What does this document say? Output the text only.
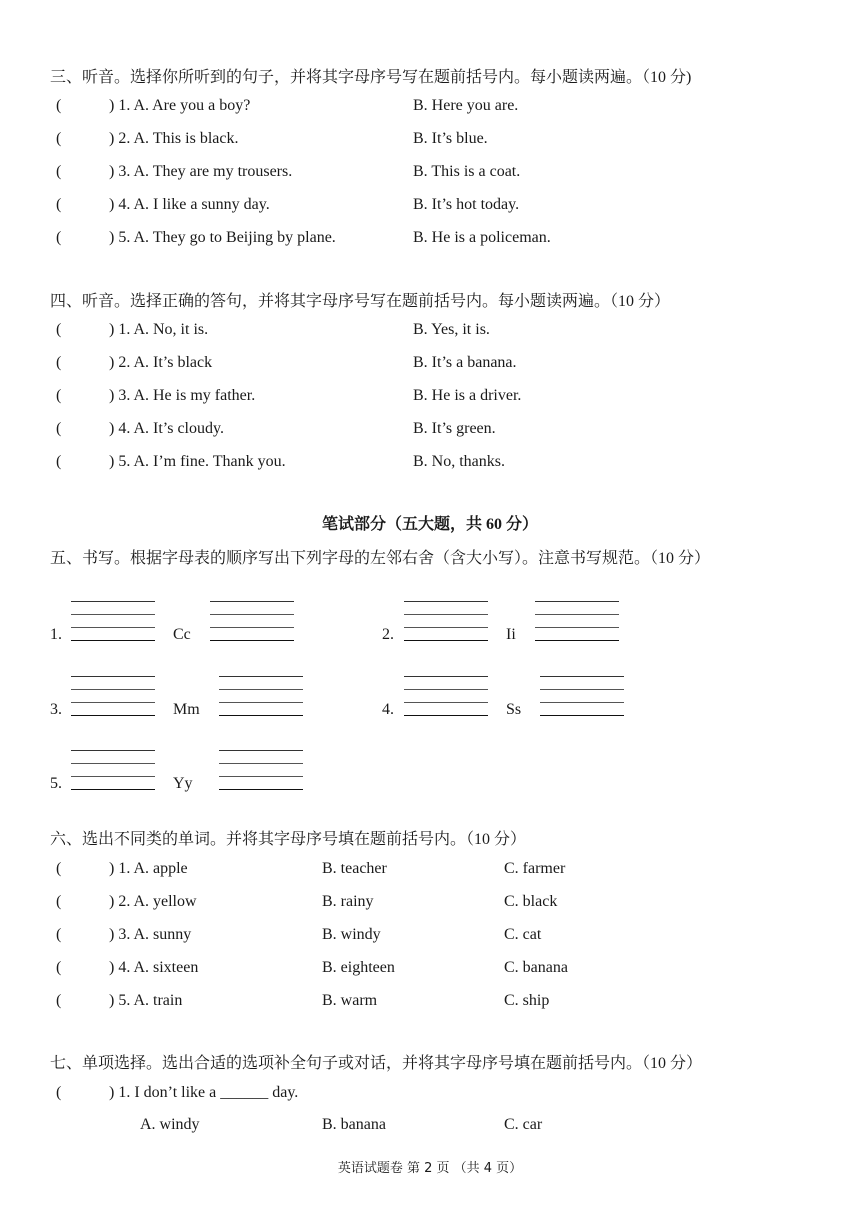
三、听音。选择你所听到的句子，并将其字母序号写在题前括号内。每小题读两遍。（10 分)
(	) 1. A. Are you a boy?	B. Here you are.
(	) 2. A. This is black.	B. It’s blue.
(	) 3. A. They are my trousers.	B. This is a coat.
(	) 4. A. I like a sunny day.	B. It’s hot today.
(	) 5. A. They go to Beijing by plane.	B. He is a policeman.
四、听音。选择正确的答句，并将其字母序号写在题前括号内。每小题读两遍。（10 分）
(	) 1. A. No, it is.	B. Yes, it is.
(	) 2. A. It’s black	B. It’s a banana.
(	) 3. A. He is my father.	B. He is a driver.
(	) 4. A. It’s cloudy.	B. It’s green.
(	) 5. A. I’m fine. Thank you.	B. No, thanks.
笔试部分（五大题，共 60 分）
五、书写。根据字母表的顺序写出下列字母的左邻右舍（含大小写）。注意书写规范。（10 分）
1.	Cc	2.	Ii
3.	Mm	4.	Ss
5.	Yy
六、选出不同类的单词。并将其字母序号填在题前括号内。（10 分）
(	) 1. A. apple	B. teacher	C. farmer
(	) 2. A. yellow	B. rainy	C. black
(	) 3. A. sunny	B. windy	C. cat
(	) 4. A. sixteen	B. eighteen	C. banana
(	) 5. A. train	B. warm	C. ship
七、单项选择。选出合适的选项补全句子或对话，并将其字母序号填在题前括号内。（10 分）
(	) 1. I don’t like a ______ day.
A. windy	B. banana	C. car
英语试题卷 第 2 页 （共 4 页）
